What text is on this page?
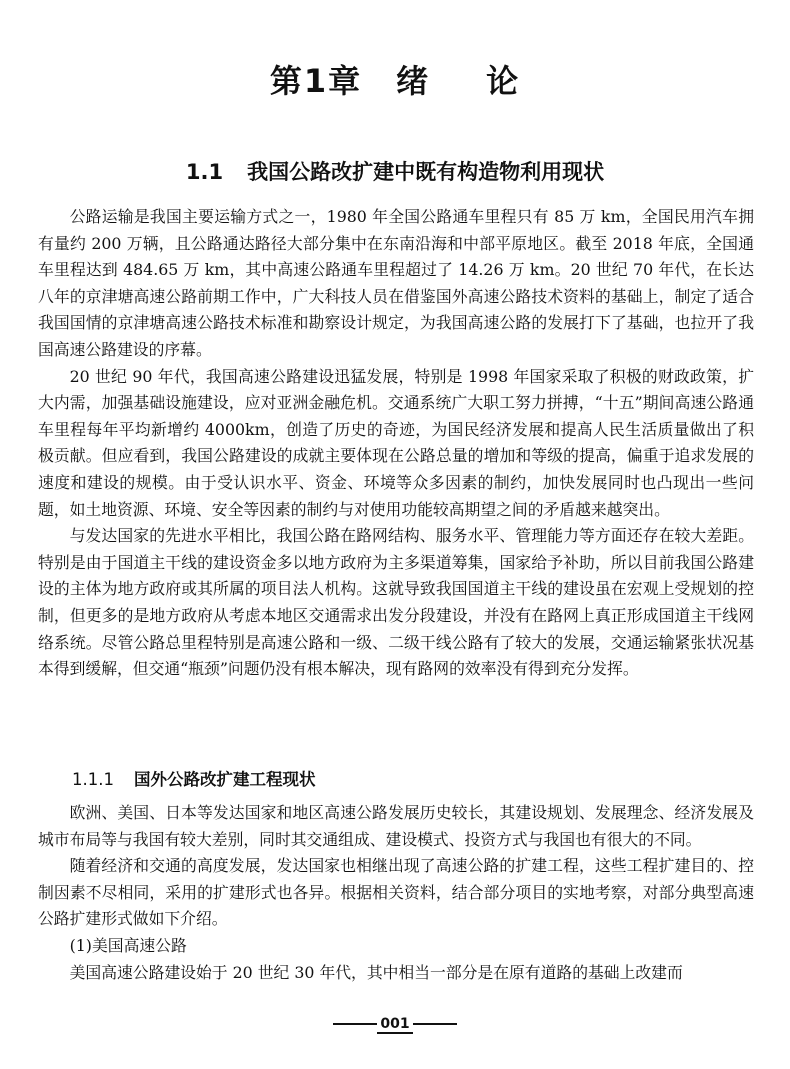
第1章 绪 论
1.1 我国公路改扩建中既有构造物利用现状

公路运输是我国主要运输方式之一，1980 年全国公路通车里程只有 85 万 km，全国民用汽车拥有量约 200 万辆，且公路通达路径大部分集中在东南沿海和中部平原地区。截至 2018 年底，全国通车里程达到 484.65 万 km，其中高速公路通车里程超过了 14.26 万 km。20 世纪 70 年代，在长达八年的京津塘高速公路前期工作中，广大科技人员在借鉴国外高速公路技术资料的基础上，制定了适合我国国情的京津塘高速公路技术标准和勘察设计规定，为我国高速公路的发展打下了基础，也拉开了我国高速公路建设的序幕。

20 世纪 90 年代，我国高速公路建设迅猛发展，特别是 1998 年国家采取了积极的财政政策，扩大内需，加强基础设施建设，应对亚洲金融危机。交通系统广大职工努力拼搏，“十五”期间高速公路通车里程每年平均新增约 4000km，创造了历史的奇迹，为国民经济发展和提高人民生活质量做出了积极贡献。但应看到，我国公路建设的成就主要体现在公路总量的增加和等级的提高，偏重于追求发展的速度和建设的规模。由于受认识水平、资金、环境等众多因素的制约，加快发展同时也凸现出一些问题，如土地资源、环境、安全等因素的制约与对使用功能较高期望之间的矛盾越来越突出。

与发达国家的先进水平相比，我国公路在路网结构、服务水平、管理能力等方面还存在较大差距。特别是由于国道主干线的建设资金多以地方政府为主多渠道筹集，国家给予补助，所以目前我国公路建设的主体为地方政府或其所属的项目法人机构。这就导致我国国道主干线的建设虽在宏观上受规划的控制，但更多的是地方政府从考虑本地区交通需求出发分段建设，并没有在路网上真正形成国道主干线网络系统。尽管公路总里程特别是高速公路和一级、二级干线公路有了较大的发展，交通运输紧张状况基本得到缓解，但交通“瓶颈”问题仍没有根本解决，现有路网的效率没有得到充分发挥。

1.1.1 国外公路改扩建工程现状

欧洲、美国、日本等发达国家和地区高速公路发展历史较长，其建设规划、发展理念、经济发展及城市布局等与我国有较大差别，同时其交通组成、建设模式、投资方式与我国也有很大的不同。

随着经济和交通的高度发展，发达国家也相继出现了高速公路的扩建工程，这些工程扩建目的、控制因素不尽相同，采用的扩建形式也各异。根据相关资料，结合部分项目的实地考察，对部分典型高速公路扩建形式做如下介绍。

(1)美国高速公路

美国高速公路建设始于 20 世纪 30 年代，其中相当一部分是在原有道路的基础上改建而

001
